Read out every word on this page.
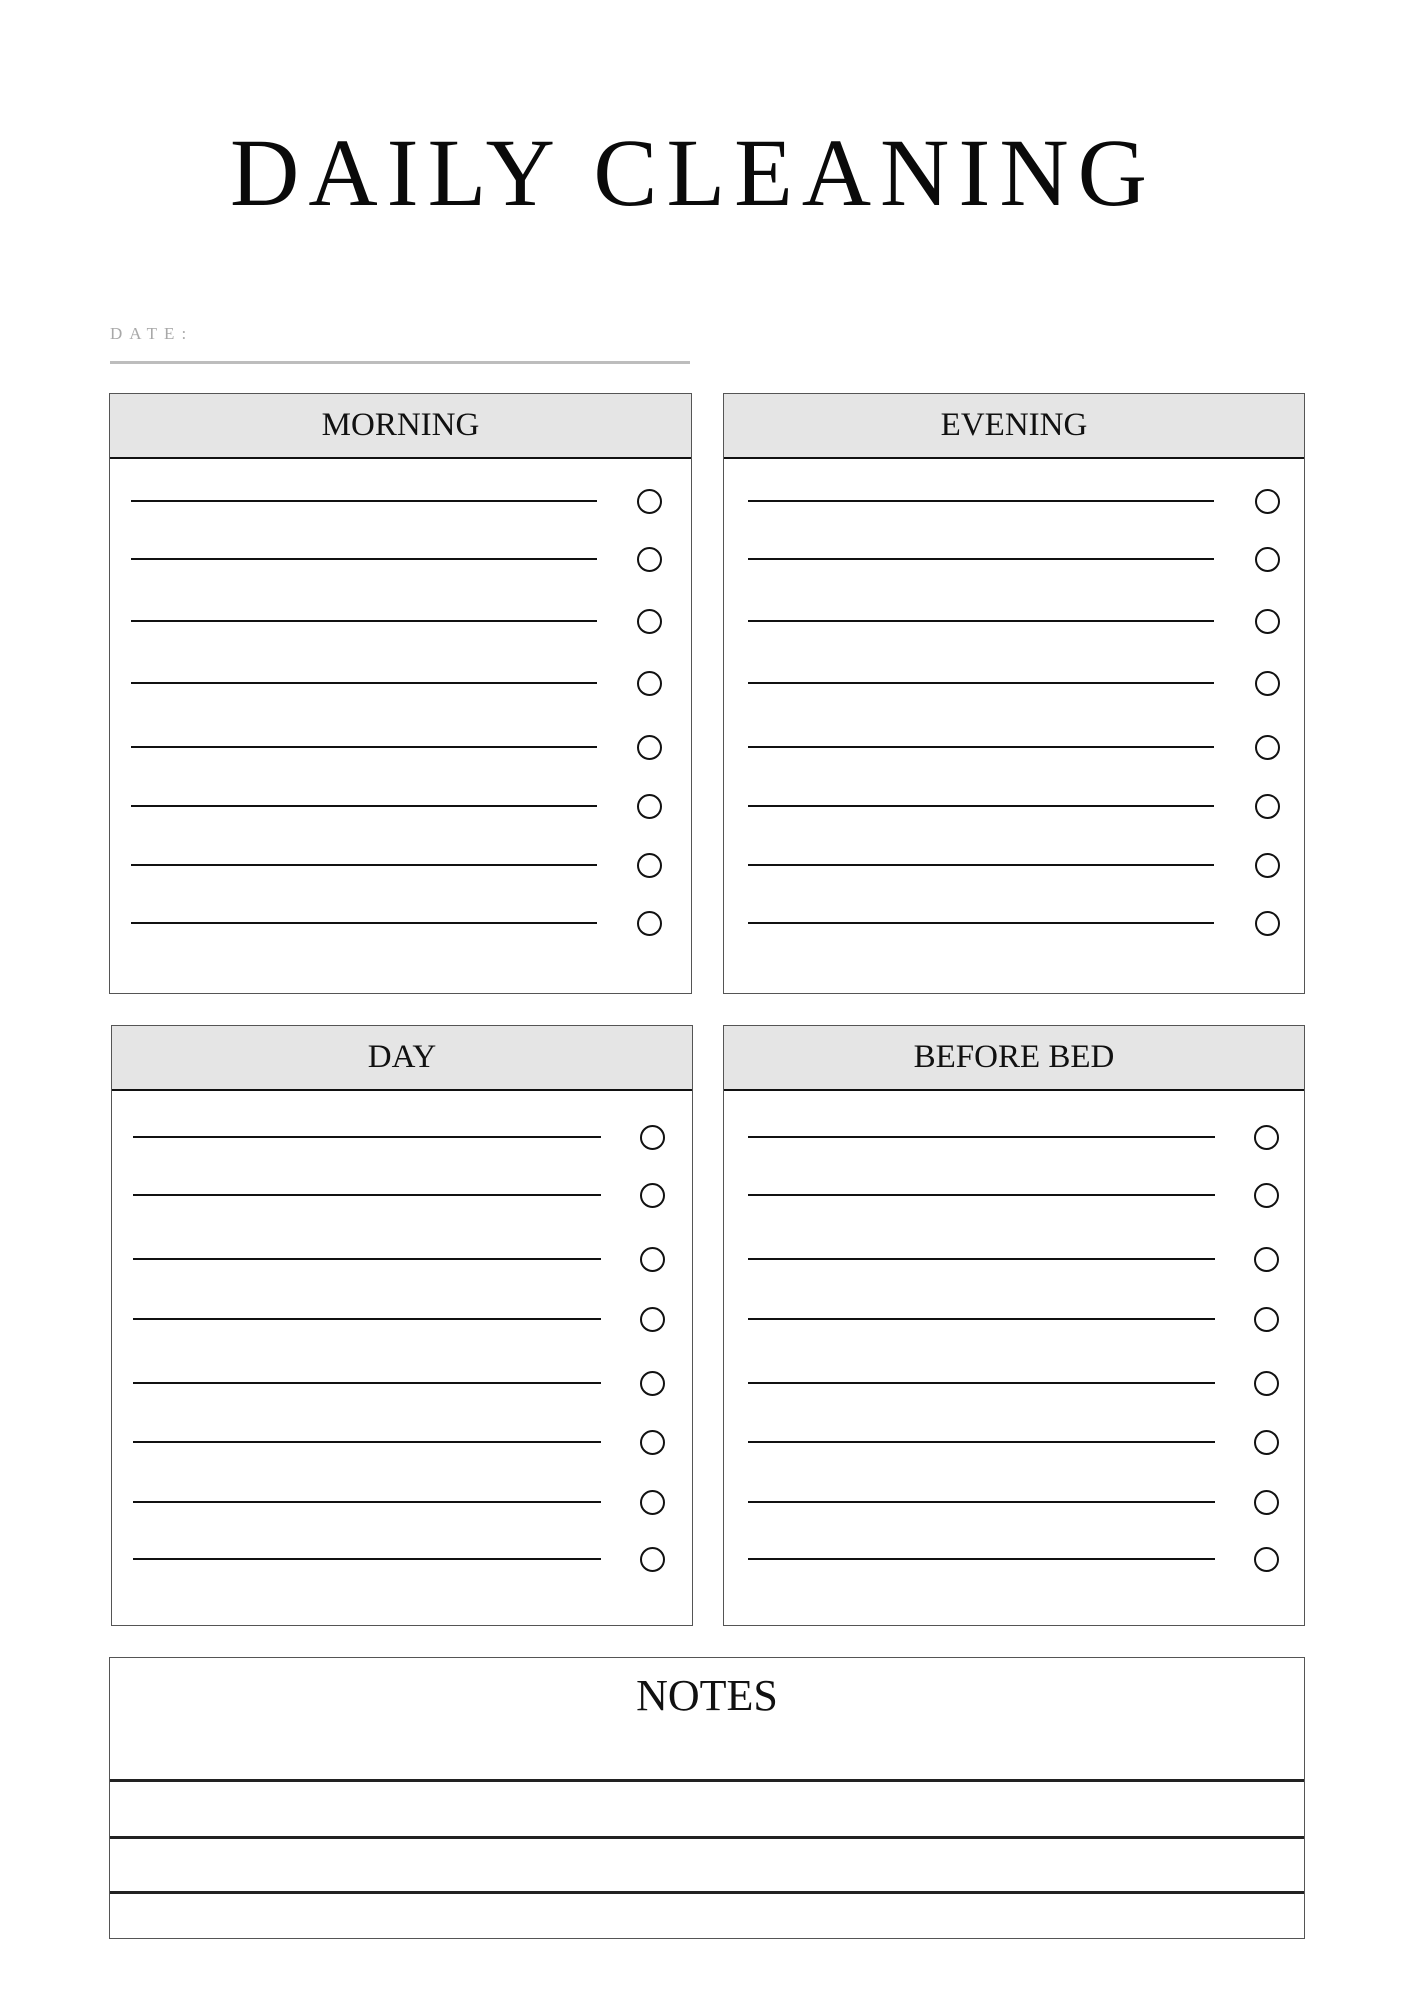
DAILY CLEANING
DATE:
MORNING	EVENING
DAY	BEFORE BED
NOTES
